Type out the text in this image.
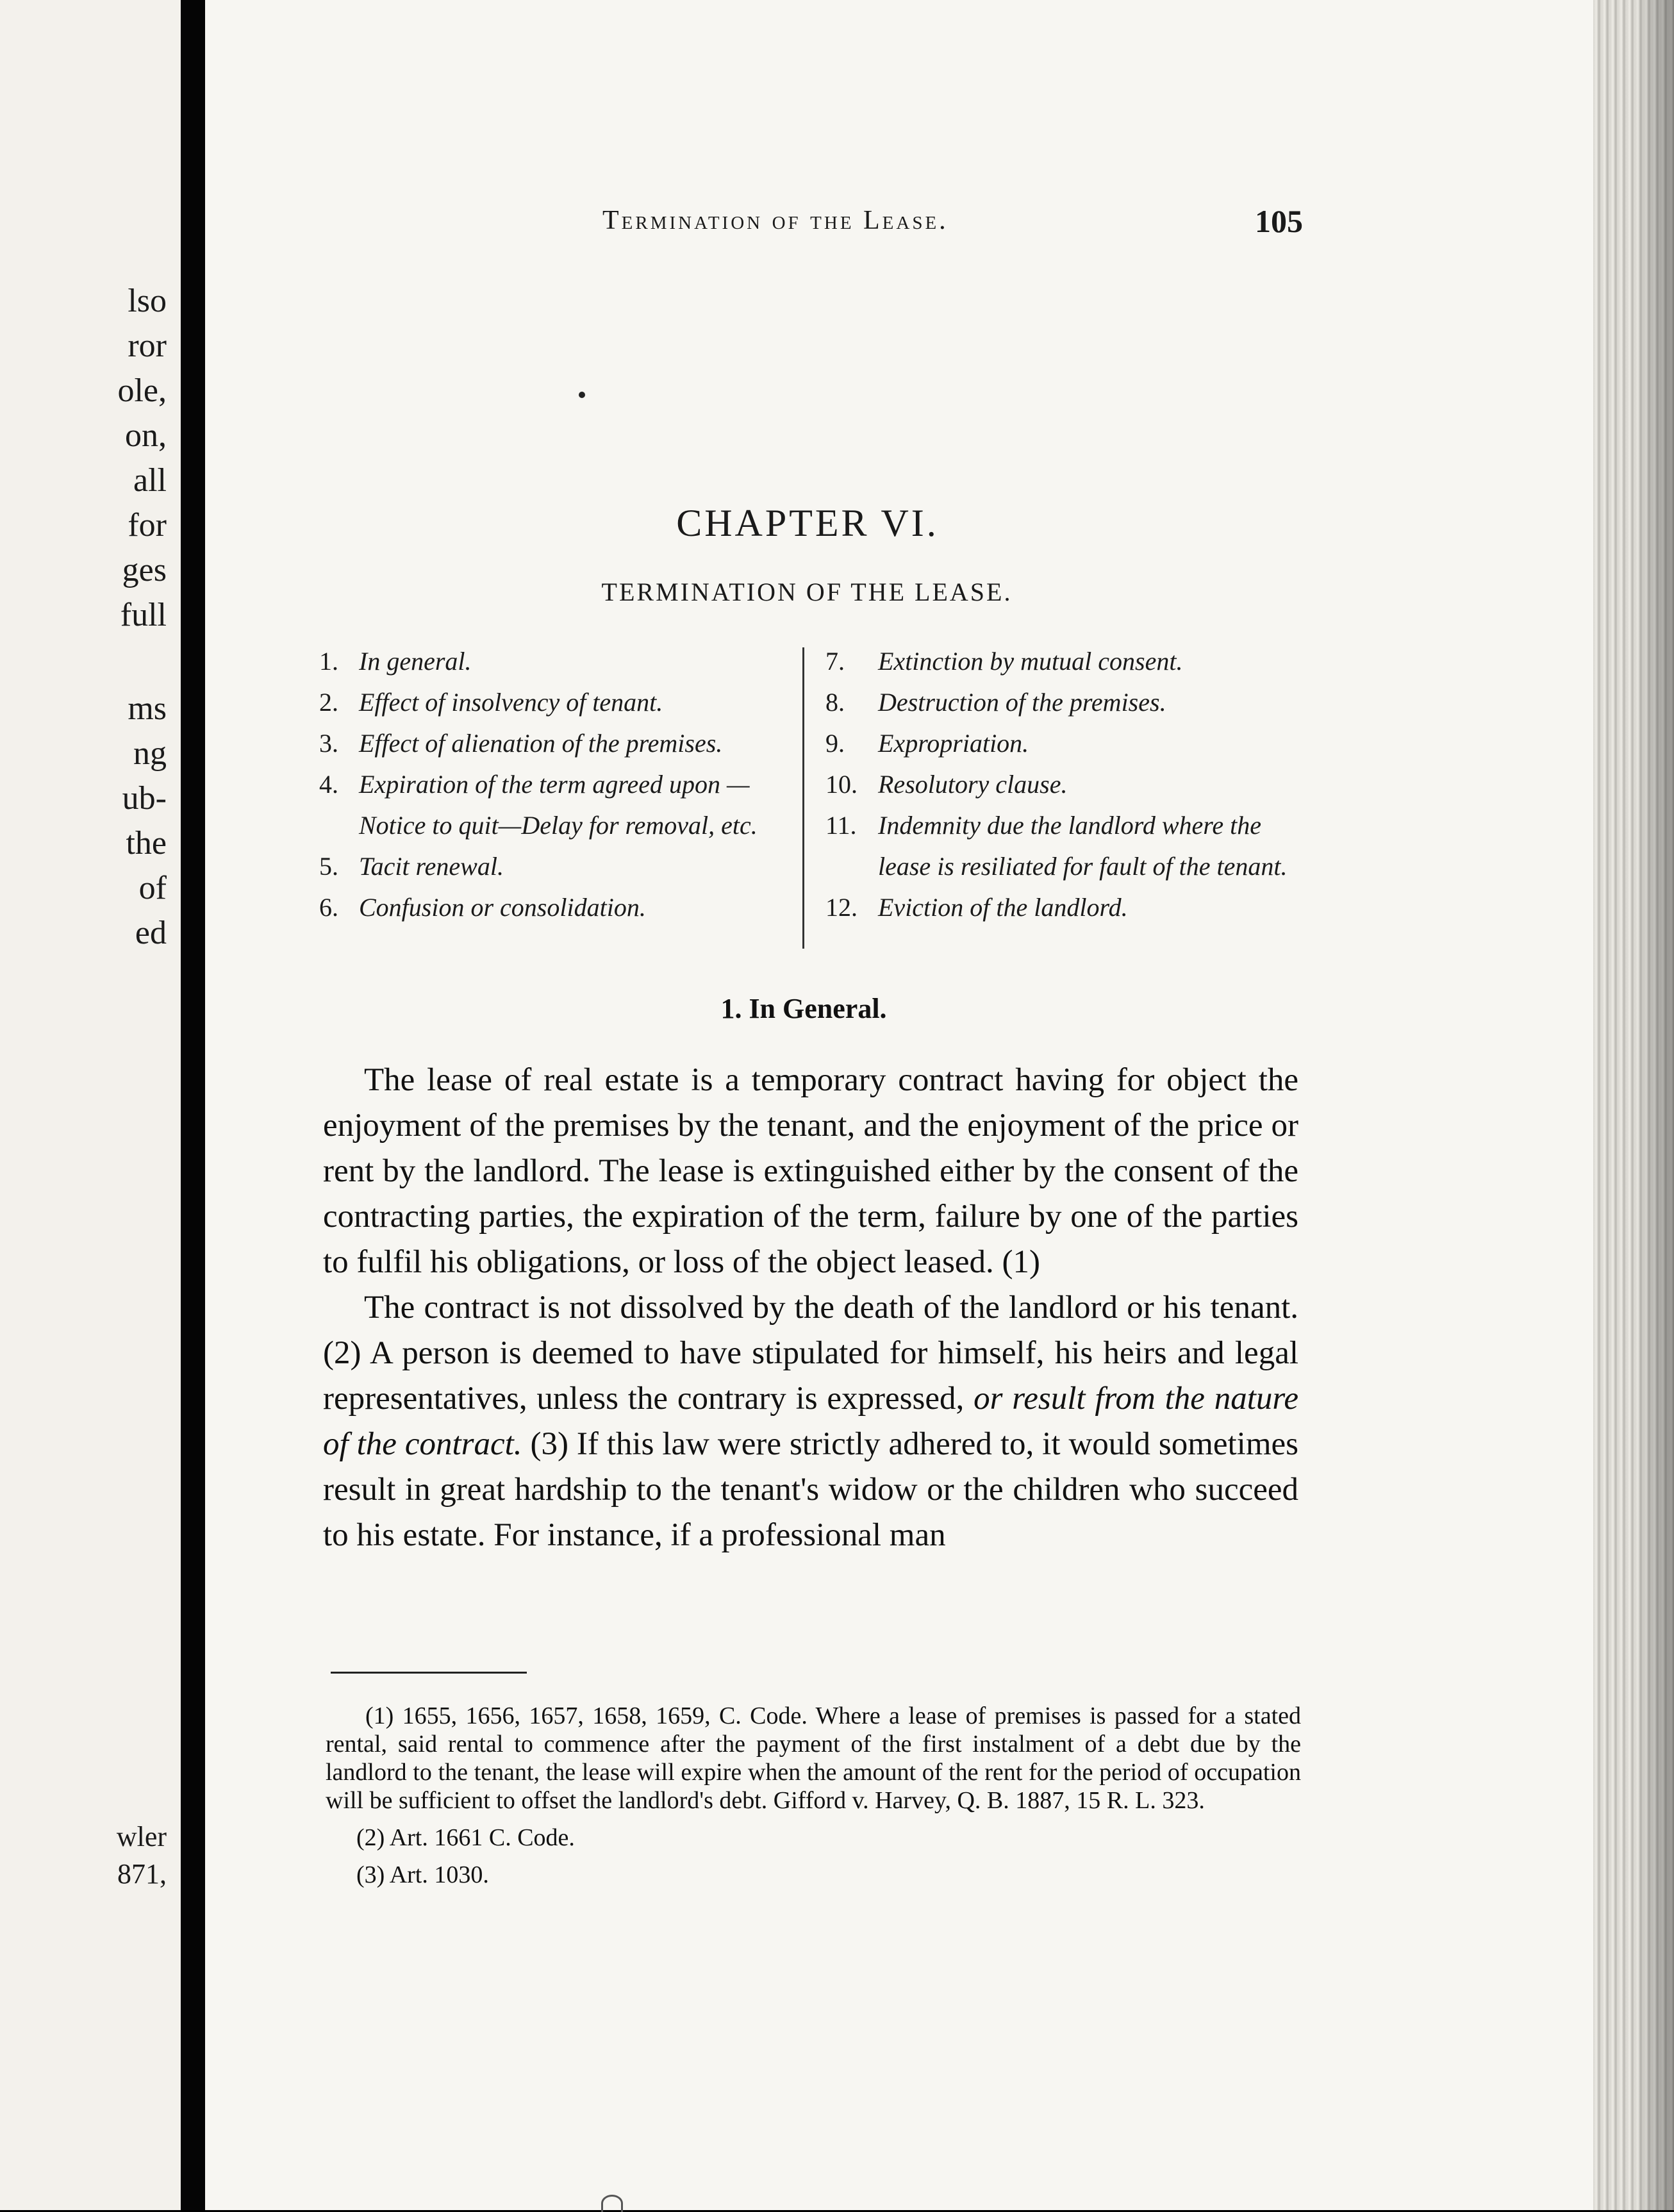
lso
ror
ole,
on,
all
for
ges
full
ms
ng
ub-
the
of
ed
wler
871,
Termination of the Lease.	105
CHAPTER VI.
TERMINATION OF THE LEASE.
1. In general.
2. Effect of insolvency of tenant.
3. Effect of alienation of the premises.
4. Expiration of the term agreed upon —Notice to quit—Delay for removal, etc.
5. Tacit renewal.
6. Confusion or consolidation.
7. Extinction by mutual consent.
8. Destruction of the premises.
9. Expropriation.
10. Resolutory clause.
11. Indemnity due the landlord where the lease is resiliated for fault of the tenant.
12. Eviction of the landlord.
1. In General.

The lease of real estate is a temporary contract having for object the enjoyment of the premises by the tenant, and the enjoyment of the price or rent by the landlord. The lease is extinguished either by the consent of the contracting parties, the expiration of the term, failure by one of the parties to fulfil his obligations, or loss of the object leased. (1)

The contract is not dissolved by the death of the landlord or his tenant. (2) A person is deemed to have stipulated for himself, his heirs and legal representatives, unless the contrary is expressed, or result from the nature of the contract. (3) If this law were strictly adhered to, it would sometimes result in great hardship to the tenant's widow or the children who succeed to his estate. For instance, if a professional man

(1) 1655, 1656, 1657, 1658, 1659, C. Code. Where a lease of premises is passed for a stated rental, said rental to commence after the payment of the first instalment of a debt due by the landlord to the tenant, the lease will expire when the amount of the rent for the period of occupation will be sufficient to offset the landlord's debt. Gifford v. Harvey, Q. B. 1887, 15 R. L. 323.
(2) Art. 1661 C. Code.
(3) Art. 1030.
